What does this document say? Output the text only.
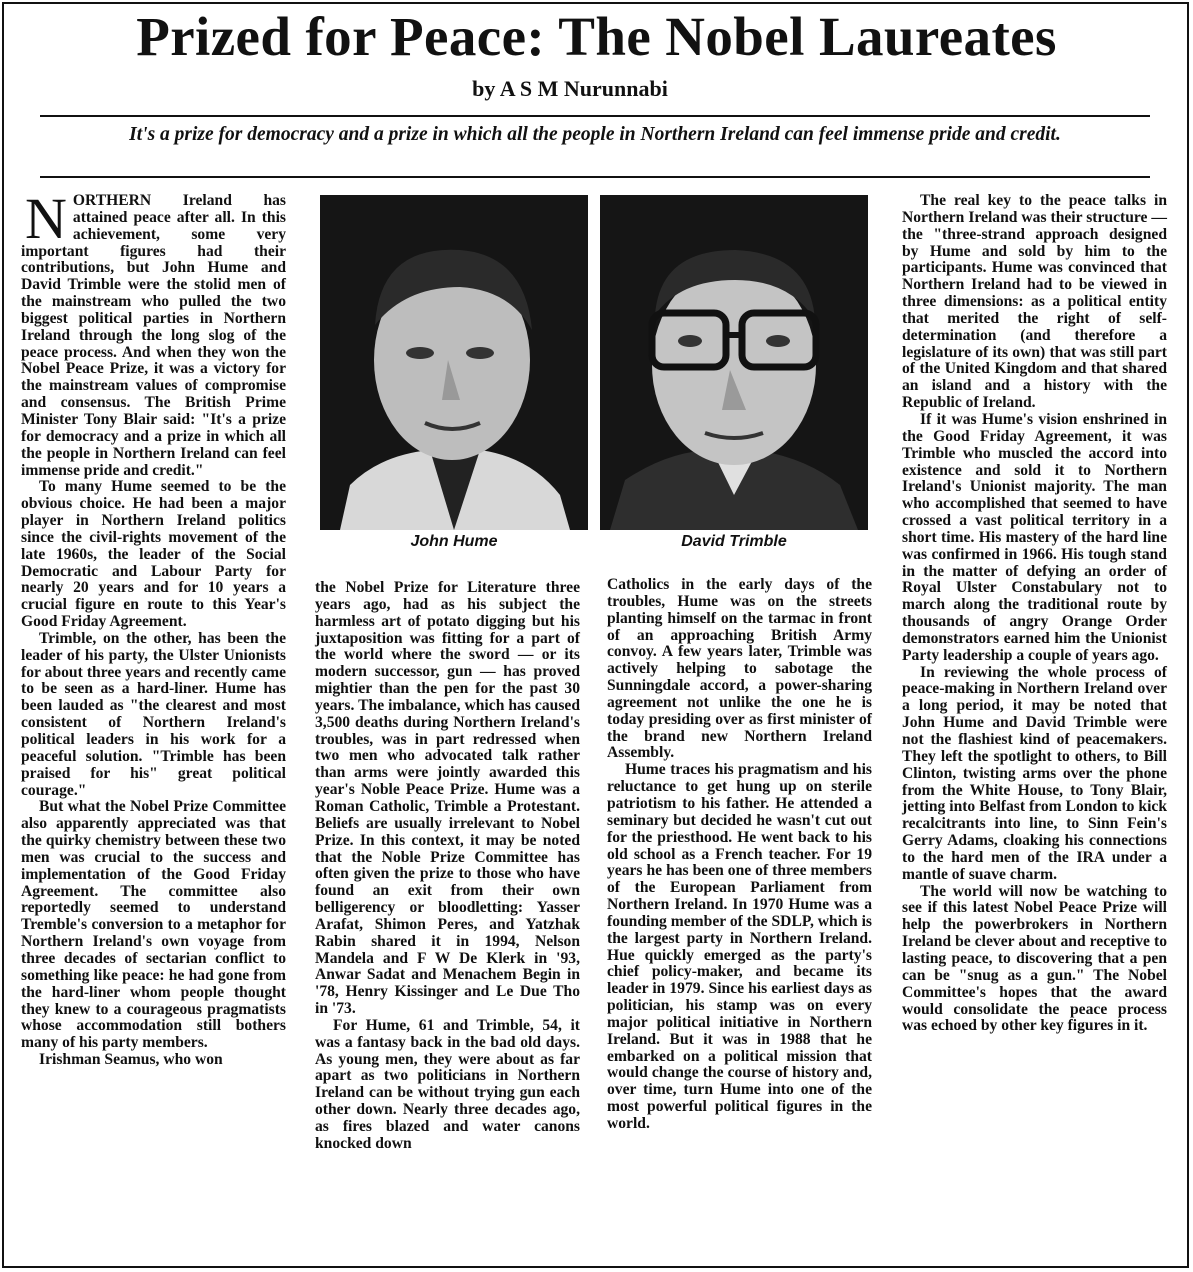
Prized for Peace: The Nobel Laureates
by A S M Nurunnabi
It's a prize for democracy and a prize in which all the people in Northern Ireland can feel immense pride and credit.

NORTHERN Ireland has attained peace after all. In this achievement, some very important figures had their contributions, but John Hume and David Trimble were the stolid men of the mainstream who pulled the two biggest political parties in Northern Ireland through the long slog of the peace process. And when they won the Nobel Peace Prize, it was a victory for the mainstream values of compromise and consensus. The British Prime Minister Tony Blair said: "It's a prize for democracy and a prize in which all the people in Northern Ireland can feel immense pride and credit."

To many Hume seemed to be the obvious choice. He had been a major player in Northern Ireland politics since the civil-rights movement of the late 1960s, the leader of the Social Democratic and Labour Party for nearly 20 years and for 10 years a crucial figure en route to this Year's Good Friday Agreement.

Trimble, on the other, has been the leader of his party, the Ulster Unionists for about three years and recently came to be seen as a hard-liner. Hume has been lauded as "the clearest and most consistent of Northern Ireland's political leaders in his work for a peaceful solution. "Trimble has been praised for his" great political courage."

But what the Nobel Prize Committee also apparently appreciated was that the quirky chemistry between these two men was crucial to the success and implementation of the Good Friday Agreement. The committee also reportedly seemed to understand Tremble's conversion to a metaphor for Northern Ireland's own voyage from three decades of sectarian conflict to something like peace: he had gone from the hard-liner whom people thought they knew to a courageous pragmatists whose accommodation still bothers many of his party members.

Irishman Seamus, who won

John Hume	David Trimble

the Nobel Prize for Literature three years ago, had as his subject the harmless art of potato digging but his juxtaposition was fitting for a part of the world where the sword — or its modern successor, gun — has proved mightier than the pen for the past 30 years. The imbalance, which has caused 3,500 deaths during Northern Ireland's troubles, was in part redressed when two men who advocated talk rather than arms were jointly awarded this year's Noble Peace Prize. Hume was a Roman Catholic, Trimble a Protestant. Beliefs are usually irrelevant to Nobel Prize. In this context, it may be noted that the Noble Prize Committee has often given the prize to those who have found an exit from their own belligerency or bloodletting: Yasser Arafat, Shimon Peres, and Yatzhak Rabin shared it in 1994, Nelson Mandela and F W De Klerk in '93, Anwar Sadat and Menachem Begin in '78, Henry Kissinger and Le Due Tho in '73.

For Hume, 61 and Trimble, 54, it was a fantasy back in the bad old days. As young men, they were about as far apart as two politicians in Northern Ireland can be without trying gun each other down. Nearly three decades ago, as fires blazed and water canons knocked down

Catholics in the early days of the troubles, Hume was on the streets planting himself on the tarmac in front of an approaching British Army convoy. A few years later, Trimble was actively helping to sabotage the Sunningdale accord, a power-sharing agreement not unlike the one he is today presiding over as first minister of the brand new Northern Ireland Assembly.

Hume traces his pragmatism and his reluctance to get hung up on sterile patriotism to his father. He attended a seminary but decided he wasn't cut out for the priesthood. He went back to his old school as a French teacher. For 19 years he has been one of three members of the European Parliament from Northern Ireland. In 1970 Hume was a founding member of the SDLP, which is the largest party in Northern Ireland. Hue quickly emerged as the party's chief policy-maker, and became its leader in 1979. Since his earliest days as politician, his stamp was on every major political initiative in Northern Ireland. But it was in 1988 that he embarked on a political mission that would change the course of history and, over time, turn Hume into one of the most powerful political figures in the world.

The real key to the peace talks in Northern Ireland was their structure — the "three-strand approach designed by Hume and sold by him to the participants. Hume was convinced that Northern Ireland had to be viewed in three dimensions: as a political entity that merited the right of self-determination (and therefore a legislature of its own) that was still part of the United Kingdom and that shared an island and a history with the Republic of Ireland.

If it was Hume's vision enshrined in the Good Friday Agreement, it was Trimble who muscled the accord into existence and sold it to Northern Ireland's Unionist majority. The man who accomplished that seemed to have crossed a vast political territory in a short time. His mastery of the hard line was confirmed in 1966. His tough stand in the matter of defying an order of Royal Ulster Constabulary not to march along the traditional route by thousands of angry Orange Order demonstrators earned him the Unionist Party leadership a couple of years ago.

In reviewing the whole process of peace-making in Northern Ireland over a long period, it may be noted that John Hume and David Trimble were not the flashiest kind of peacemakers. They left the spotlight to others, to Bill Clinton, twisting arms over the phone from the White House, to Tony Blair, jetting into Belfast from London to kick recalcitrants into line, to Sinn Fein's Gerry Adams, cloaking his connections to the hard men of the IRA under a mantle of suave charm.

The world will now be watching to see if this latest Nobel Peace Prize will help the powerbrokers in Northern Ireland be clever about and receptive to lasting peace, to discovering that a pen can be "snug as a gun." The Nobel Committee's hopes that the award would consolidate the peace process was echoed by other key figures in it.
